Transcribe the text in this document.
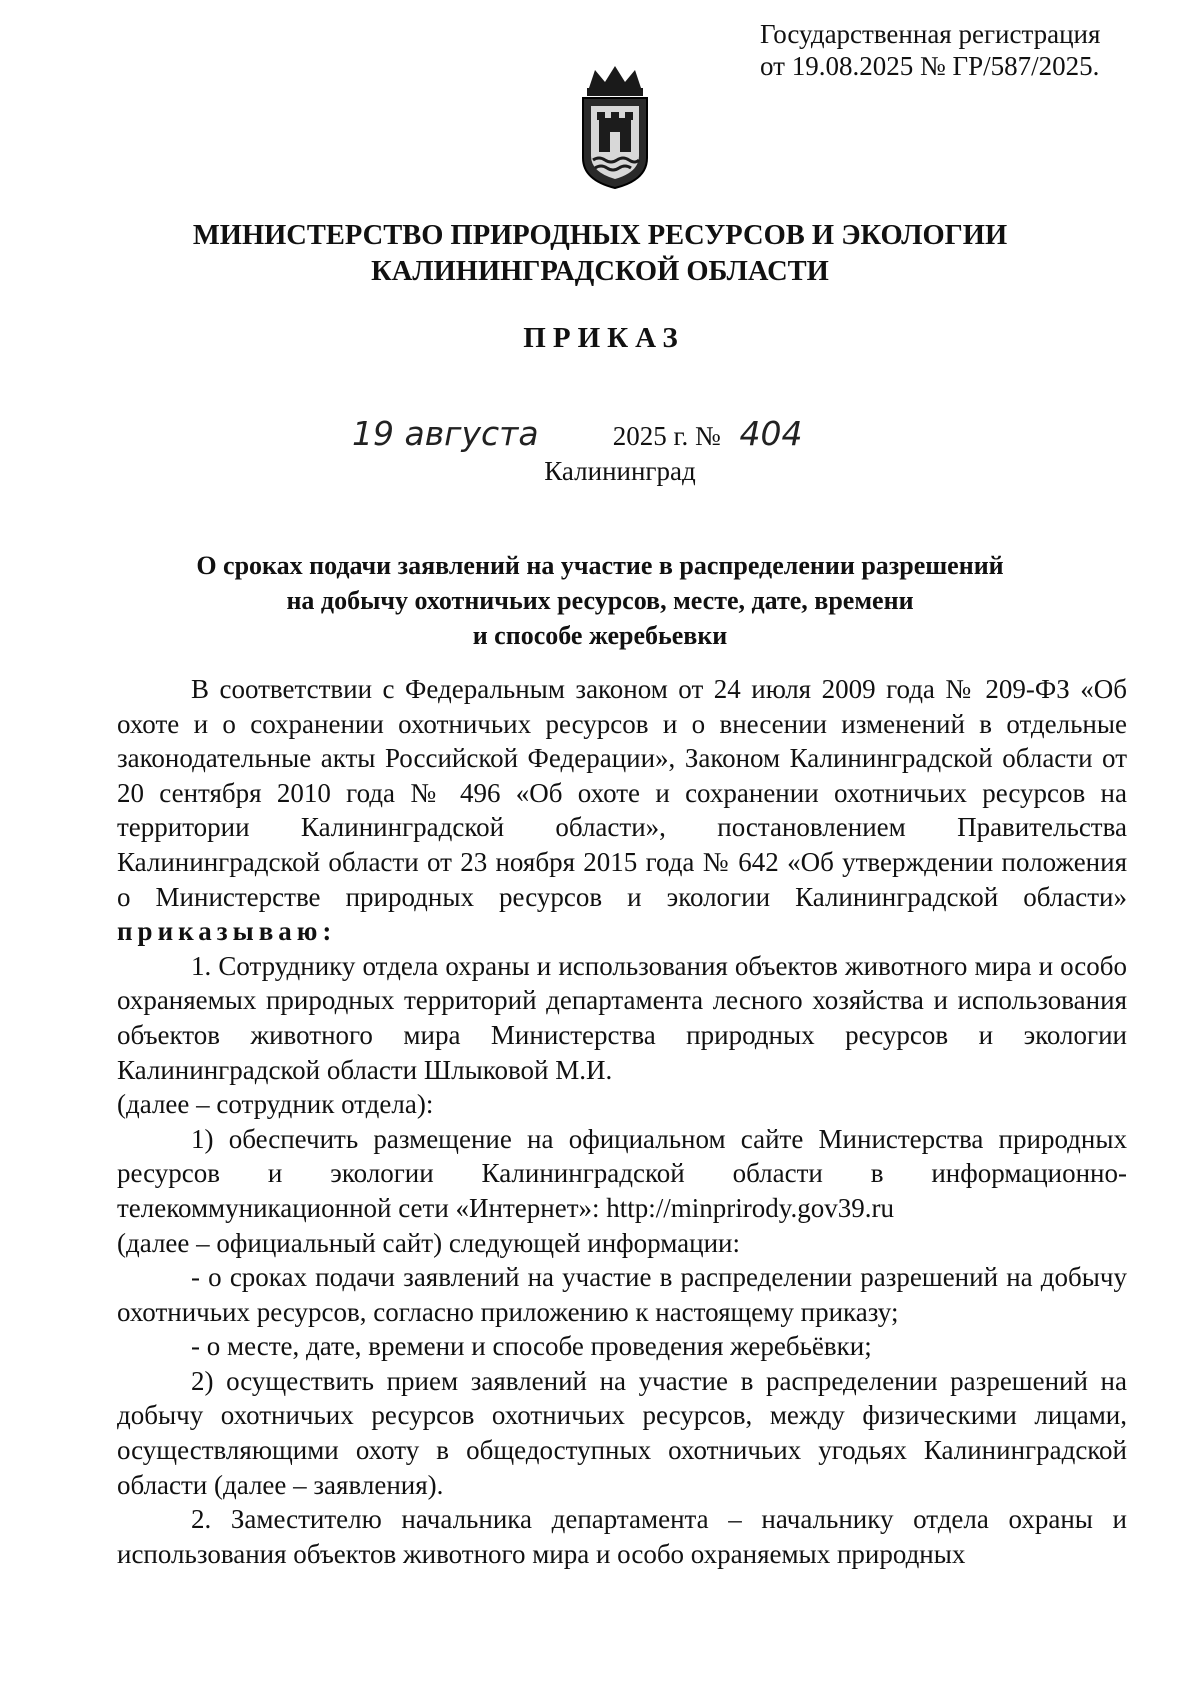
Государственная регистрация
от 19.08.2025 № ГР/587/2025.
МИНИСТЕРСТВО ПРИРОДНЫХ РЕСУРСОВ И ЭКОЛОГИИ
КАЛИНИНГРАДСКОЙ ОБЛАСТИ
ПРИКАЗ
19 августа	2025 г. № 404
Калининград
О сроках подачи заявлений на участие в распределении разрешений
на добычу охотничьих ресурсов, месте, дате, времени
и способе жеребьевки

В соответствии с Федеральным законом от 24 июля 2009 года № 209-ФЗ «Об охоте и о сохранении охотничьих ресурсов и о внесении изменений в отдельные законодательные акты Российской Федерации», Законом Калининградской области от 20 сентября 2010 года № 496 «Об охоте и сохранении охотничьих ресурсов на территории Калининградской области», постановлением Правительства Калининградской области от 23 ноября 2015 года № 642 «Об утверждении положения о Министерстве природных ресурсов и экологии Калининградской области» приказываю:

1. Сотруднику отдела охраны и использования объектов животного мира и особо охраняемых природных территорий департамента лесного хозяйства и использования объектов животного мира Министерства природных ресурсов и экологии Калининградской области Шлыковой М.И.

(далее – сотрудник отдела):

1) обеспечить размещение на официальном сайте Министерства природных ресурсов и экологии Калининградской области в информационно-телекоммуникационной сети «Интернет»: http://minprirody.gov39.ru

(далее – официальный сайт) следующей информации:

- о сроках подачи заявлений на участие в распределении разрешений на добычу охотничьих ресурсов, согласно приложению к настоящему приказу;

- о месте, дате, времени и способе проведения жеребьёвки;

2) осуществить прием заявлений на участие в распределении разрешений на добычу охотничьих ресурсов охотничьих ресурсов, между физическими лицами, осуществляющими охоту в общедоступных охотничьих угодьях Калининградской области (далее – заявления).

2. Заместителю начальника департамента – начальнику отдела охраны и использования объектов животного мира и особо охраняемых природных
